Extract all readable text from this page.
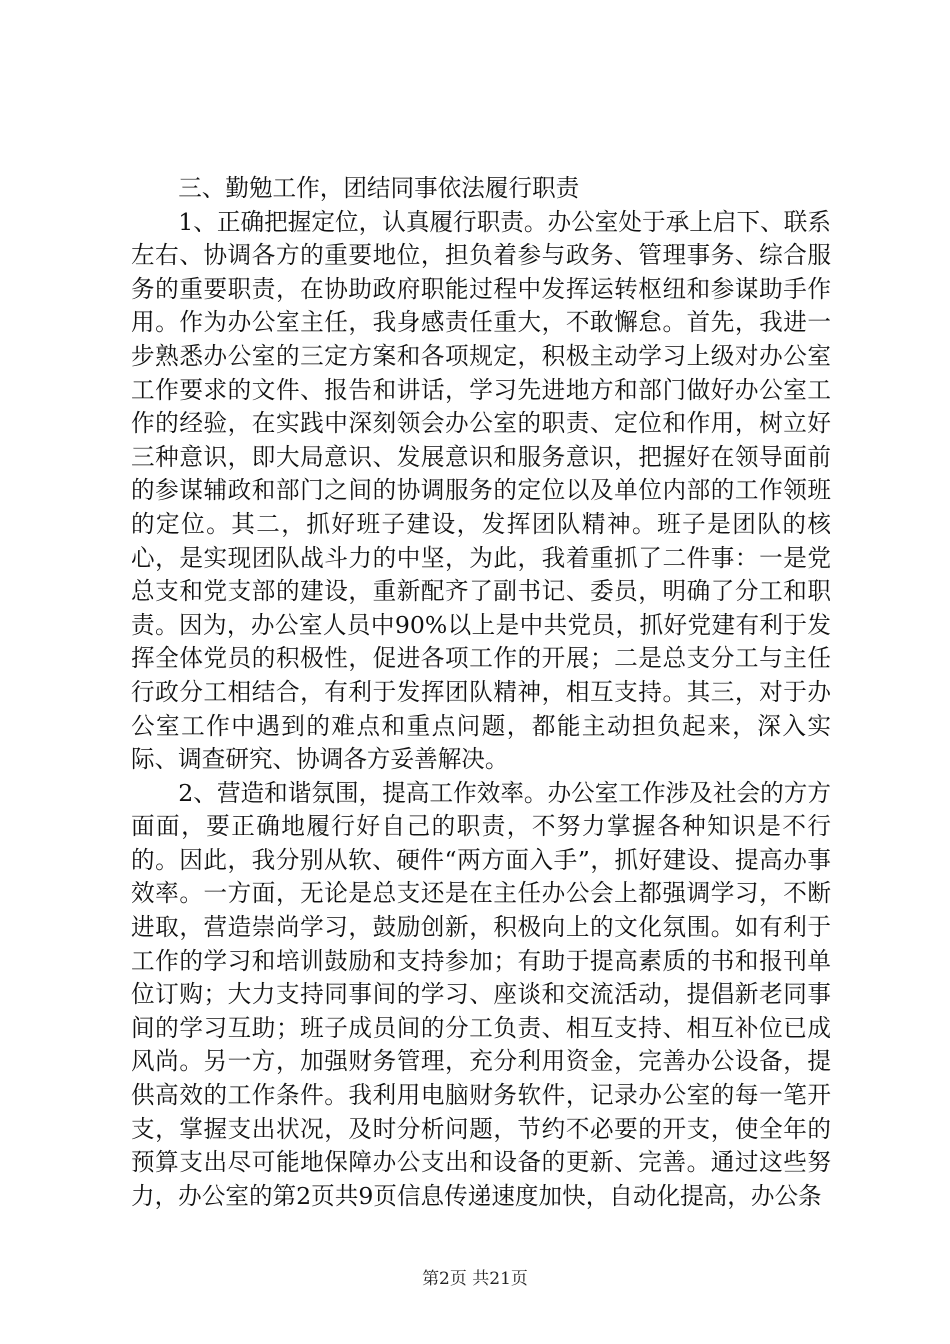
三、勤勉工作，团结同事依法履行职责

1、正确把握定位，认真履行职责。办公室处于承上启下、联系左右、协调各方的重要地位，担负着参与政务、管理事务、综合服务的重要职责，在协助政府职能过程中发挥运转枢纽和参谋助手作用。作为办公室主任，我身感责任重大，不敢懈怠。首先，我进一步熟悉办公室的三定方案和各项规定，积极主动学习上级对办公室工作要求的文件、报告和讲话，学习先进地方和部门做好办公室工作的经验，在实践中深刻领会办公室的职责、定位和作用，树立好三种意识，即大局意识、发展意识和服务意识，把握好在领导面前的参谋辅政和部门之间的协调服务的定位以及单位内部的工作领班的定位。其二，抓好班子建设，发挥团队精神。班子是团队的核心，是实现团队战斗力的中坚，为此，我着重抓了二件事：一是党总支和党支部的建设，重新配齐了副书记、委员，明确了分工和职责。因为，办公室人员中90%以上是中共党员，抓好党建有利于发挥全体党员的积极性，促进各项工作的开展；二是总支分工与主任行政分工相结合，有利于发挥团队精神，相互支持。其三，对于办公室工作中遇到的难点和重点问题，都能主动担负起来，深入实际、调查研究、协调各方妥善解决。

2、营造和谐氛围，提高工作效率。办公室工作涉及社会的方方面面，要正确地履行好自己的职责，不努力掌握各种知识是不行的。因此，我分别从软、硬件“两方面入手”，抓好建设、提高办事效率。一方面，无论是总支还是在主任办公会上都强调学习，不断进取，营造崇尚学习，鼓励创新，积极向上的文化氛围。如有利于工作的学习和培训鼓励和支持参加；有助于提高素质的书和报刊单位订购；大力支持同事间的学习、座谈和交流活动，提倡新老同事间的学习互助；班子成员间的分工负责、相互支持、相互补位已成风尚。另一方，加强财务管理，充分利用资金，完善办公设备，提供高效的工作条件。我利用电脑财务软件，记录办公室的每一笔开支，掌握支出状况，及时分析问题，节约不必要的开支，使全年的预算支出尽可能地保障办公支出和设备的更新、完善。通过这些努力，办公室的第2页共9页信息传递速度加快，自动化提高，办公条

第2页 共21页
